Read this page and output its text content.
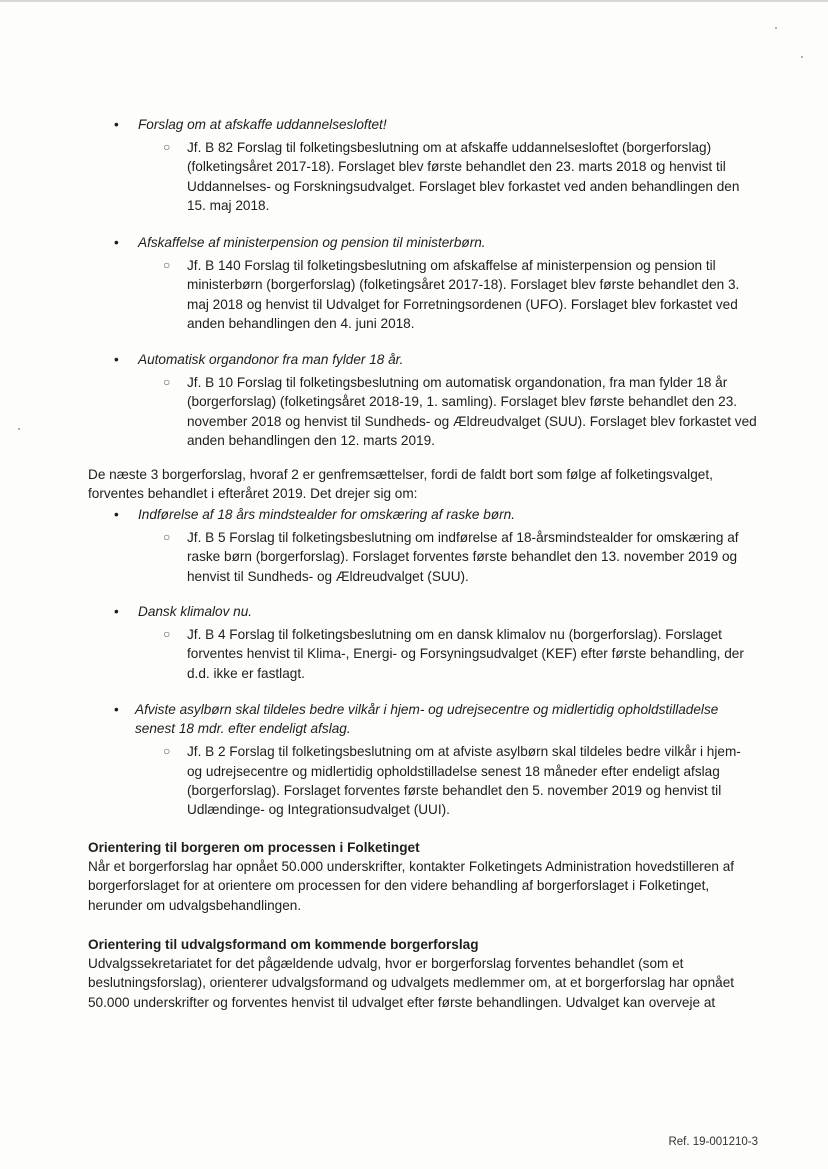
• Forslag om at afskaffe uddannelsesloftet!
○ Jf. B 82 Forslag til folketingsbeslutning om at afskaffe uddannelsesloftet (borgerforslag) (folketingsåret 2017-18). Forslaget blev første behandlet den 23. marts 2018 og henvist til Uddannelses- og Forskningsudvalget. Forslaget blev forkastet ved anden behandlingen den 15. maj 2018.
• Afskaffelse af ministerpension og pension til ministerbørn.
○ Jf. B 140 Forslag til folketingsbeslutning om afskaffelse af ministerpension og pension til ministerbørn (borgerforslag) (folketingsåret 2017-18). Forslaget blev første behandlet den 3. maj 2018 og henvist til Udvalget for Forretningsordenen (UFO). Forslaget blev forkastet ved anden behandlingen den 4. juni 2018.
• Automatisk organdonor fra man fylder 18 år.
○ Jf. B 10 Forslag til folketingsbeslutning om automatisk organdonation, fra man fylder 18 år (borgerforslag) (folketingsåret 2018-19, 1. samling). Forslaget blev første behandlet den 23. november 2018 og henvist til Sundheds- og Ældreudvalget (SUU). Forslaget blev forkastet ved anden behandlingen den 12. marts 2019.
De næste 3 borgerforslag, hvoraf 2 er genfremsættelser, fordi de faldt bort som følge af folketingsvalget, forventes behandlet i efteråret 2019. Det drejer sig om:
• Indførelse af 18 års mindstealder for omskæring af raske børn.
○ Jf. B 5 Forslag til folketingsbeslutning om indførelse af 18-årsmindstealder for omskæring af raske børn (borgerforslag). Forslaget forventes første behandlet den 13. november 2019 og henvist til Sundheds- og Ældreudvalget (SUU).
• Dansk klimalov nu.
○ Jf. B 4 Forslag til folketingsbeslutning om en dansk klimalov nu (borgerforslag). Forslaget forventes henvist til Klima-, Energi- og Forsyningsudvalget (KEF) efter første behandling, der d.d. ikke er fastlagt.
• Afviste asylbørn skal tildeles bedre vilkår i hjem- og udrejsecentre og midlertidig opholdstilladelse senest 18 mdr. efter endeligt afslag.
○ Jf. B 2 Forslag til folketingsbeslutning om at afviste asylbørn skal tildeles bedre vilkår i hjem- og udrejsecentre og midlertidig opholdstilladelse senest 18 måneder efter endeligt afslag (borgerforslag). Forslaget forventes første behandlet den 5. november 2019 og henvist til Udlændinge- og Integrationsudvalget (UUI).
Orientering til borgeren om processen i Folketinget
Når et borgerforslag har opnået 50.000 underskrifter, kontakter Folketingets Administration hovedstilleren af borgerforslaget for at orientere om processen for den videre behandling af borgerforslaget i Folketinget, herunder om udvalgsbehandlingen.
Orientering til udvalgsformand om kommende borgerforslag
Udvalgssekretariatet for det pågældende udvalg, hvor er borgerforslag forventes behandlet (som et beslutningsforslag), orienterer udvalgsformand og udvalgets medlemmer om, at et borgerforslag har opnået 50.000 underskrifter og forventes henvist til udvalget efter første behandlingen. Udvalget kan overveje at
Ref. 19-001210-3
